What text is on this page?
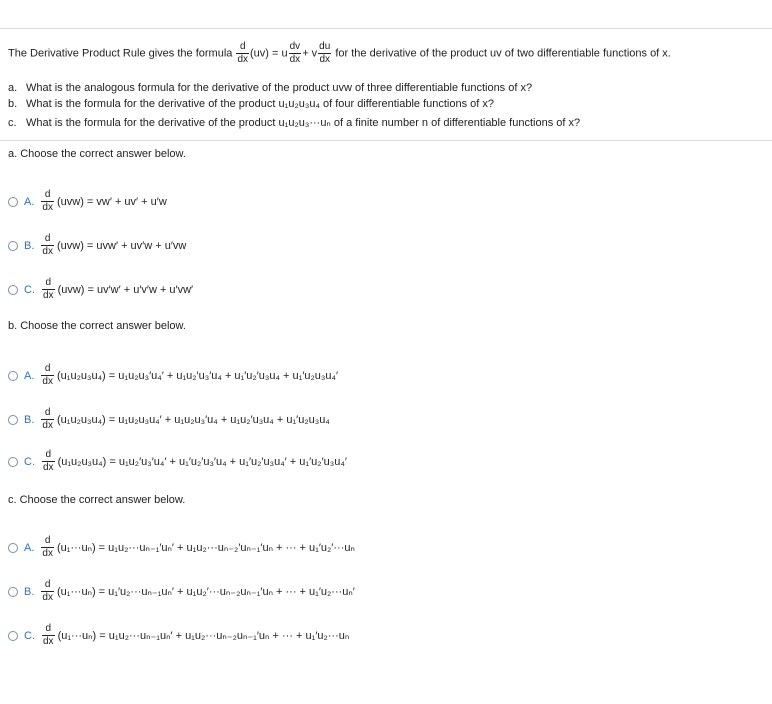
The Derivative Product Rule gives the formula $\frac{d}{dx} (uv) = u \frac{dv}{dx} + v \frac{du}{dx}$ for the derivative of the product uv of two differentiable functions of x.
a. What is the analogous formula for the derivative of the product uvw of three differentiable functions of x?
b. What is the formula for the derivative of the product u₁u₂u₃u₄ of four differentiable functions of x?
c. What is the formula for the derivative of the product u₁u₂u₃···uₙ of a finite number n of differentiable functions of x?
a. Choose the correct answer below.
A. $\frac{d}{dx} (uvw) = vw' + uv' + u'w$
B. $\frac{d}{dx} (uvw) = uvw' + uv'w + u'vw$
C. $\frac{d}{dx} (uvw) = uv'w' + u'v'w + u'vw'$
b. Choose the correct answer below.
A. $\frac{d}{dx} (u_1u_2u_3u_4) = u_1u_2u_3'u_4' + u_1u_2'u_3'u_4 + u_1'u_2'u_3u_4 + u_1'u_2u_3u_4'$
B. $\frac{d}{dx} (u_1u_2u_3u_4) = u_1u_2u_3u_4' + u_1u_2u_3'u_4 + u_1u_2'u_3u_4 + u_1'u_2u_3u_4$
C. $\frac{d}{dx} (u_1u_2u_3u_4) = u_1u_2'u_3'u_4' + u_1'u_2'u_3'u_4 + u_1'u_2'u_3u_4' + u_1'u_2'u_3u_4'$
c. Choose the correct answer below.
A. $\frac{d}{dx} (u_1\cdot\cdot\cdot u_n) = u_1u_2\cdot\cdot\cdot u_{n-1}'u_n' + u_1u_2\cdot\cdot\cdot u_{n-2}'u_{n-1}'u_n$ + ··· + u₁′u₂′···uₙ
B. $\frac{d}{dx} (u_1\cdot\cdot\cdot u_n) = u_1'u_2\cdot\cdot\cdot u_{n-1}u_n' + u_1u_2'\cdot\cdot\cdot u_{n-2}u_{n-1}'u_n$ + ··· + u₁′u₂···uₙ′
C. $\frac{d}{dx} (u_1\cdot\cdot\cdot u_n) = u_1u_2\cdot\cdot\cdot u_{n-1}u_n' + u_1u_2\cdot\cdot\cdot u_{n-2}u_{n-1}'u_n$ + ··· + u₁′u₂···uₙ
